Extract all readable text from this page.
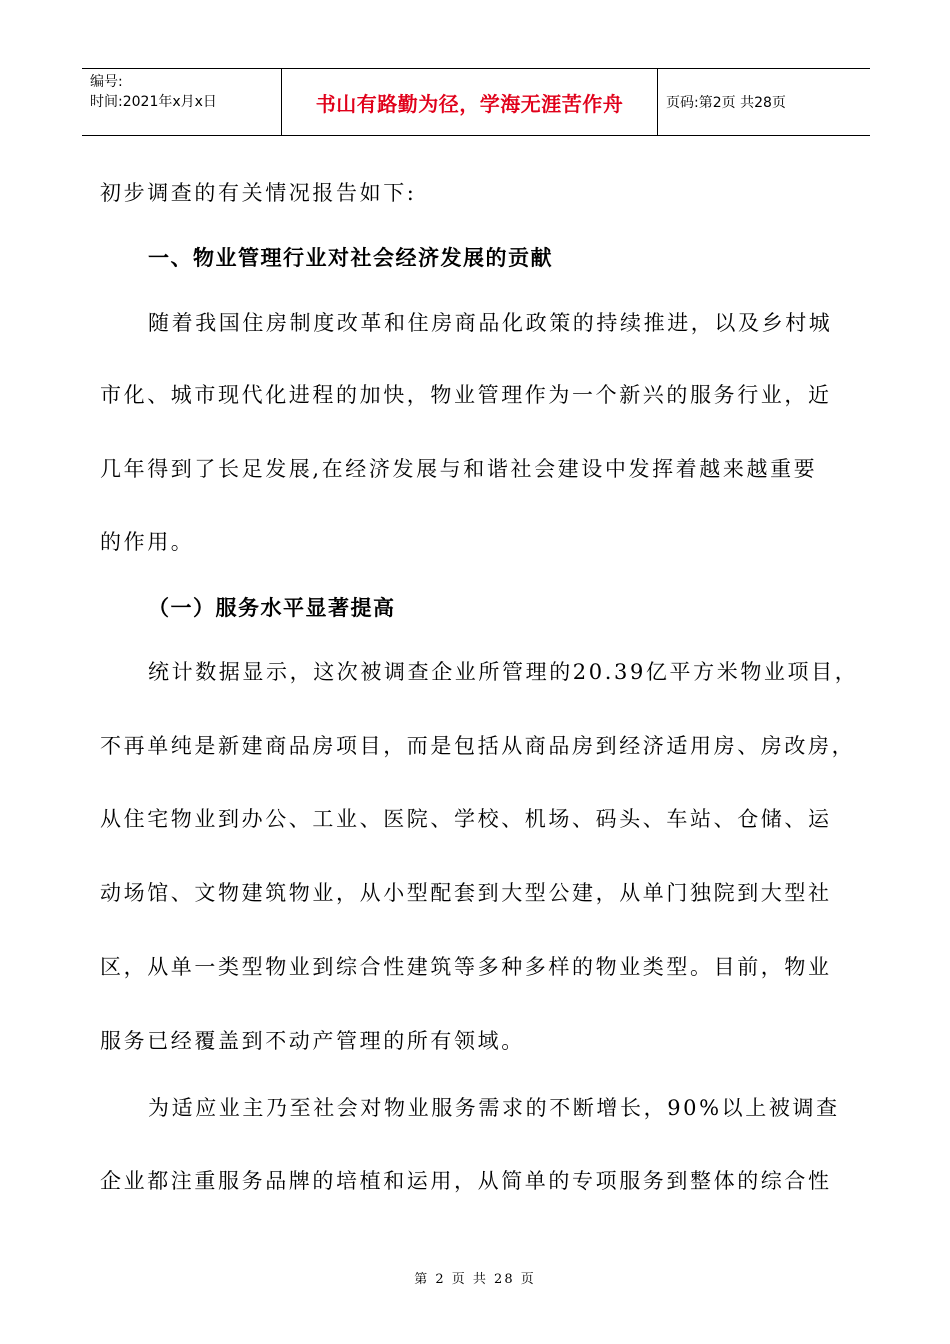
编号:
时间:2021年x月x日	书山有路勤为径，学海无涯苦作舟	页码:第2页 共28页
初步调查的有关情况报告如下:
一、物业管理行业对社会经济发展的贡献
随着我国住房制度改革和住房商品化政策的持续推进，以及乡村城
市化、城市现代化进程的加快，物业管理作为一个新兴的服务行业，近
几年得到了长足发展,在经济发展与和谐社会建设中发挥着越来越重要
的作用。
（一）服务水平显著提高
统计数据显示，这次被调查企业所管理的20.39亿平方米物业项目，
不再单纯是新建商品房项目，而是包括从商品房到经济适用房、房改房，
从住宅物业到办公、工业、医院、学校、机场、码头、车站、仓储、运
动场馆、文物建筑物业，从小型配套到大型公建，从单门独院到大型社
区，从单一类型物业到综合性建筑等多种多样的物业类型。目前，物业
服务已经覆盖到不动产管理的所有领域。
为适应业主乃至社会对物业服务需求的不断增长，90%以上被调查
企业都注重服务品牌的培植和运用，从简单的专项服务到整体的综合性
第 2 页 共 28 页
